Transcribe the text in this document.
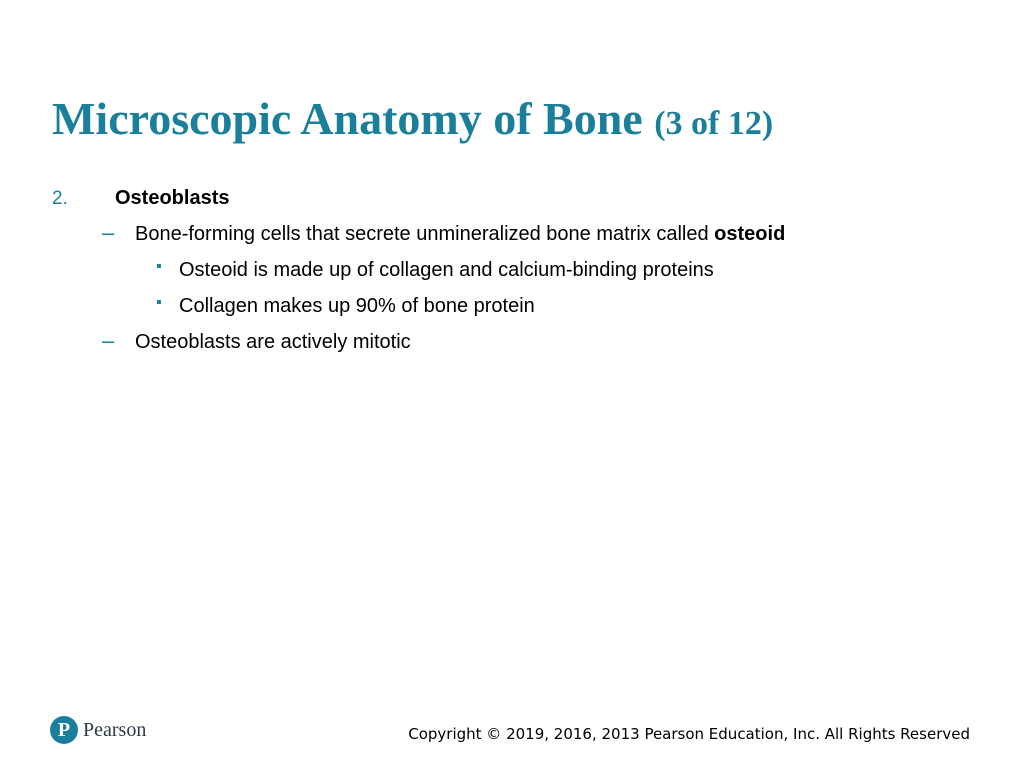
Microscopic Anatomy of Bone (3 of 12)
2. Osteoblasts
– Bone-forming cells that secrete unmineralized bone matrix called osteoid
▪ Osteoid is made up of collagen and calcium-binding proteins
▪ Collagen makes up 90% of bone protein
– Osteoblasts are actively mitotic
P Pearson	Copyright © 2019, 2016, 2013 Pearson Education, Inc. All Rights Reserved
